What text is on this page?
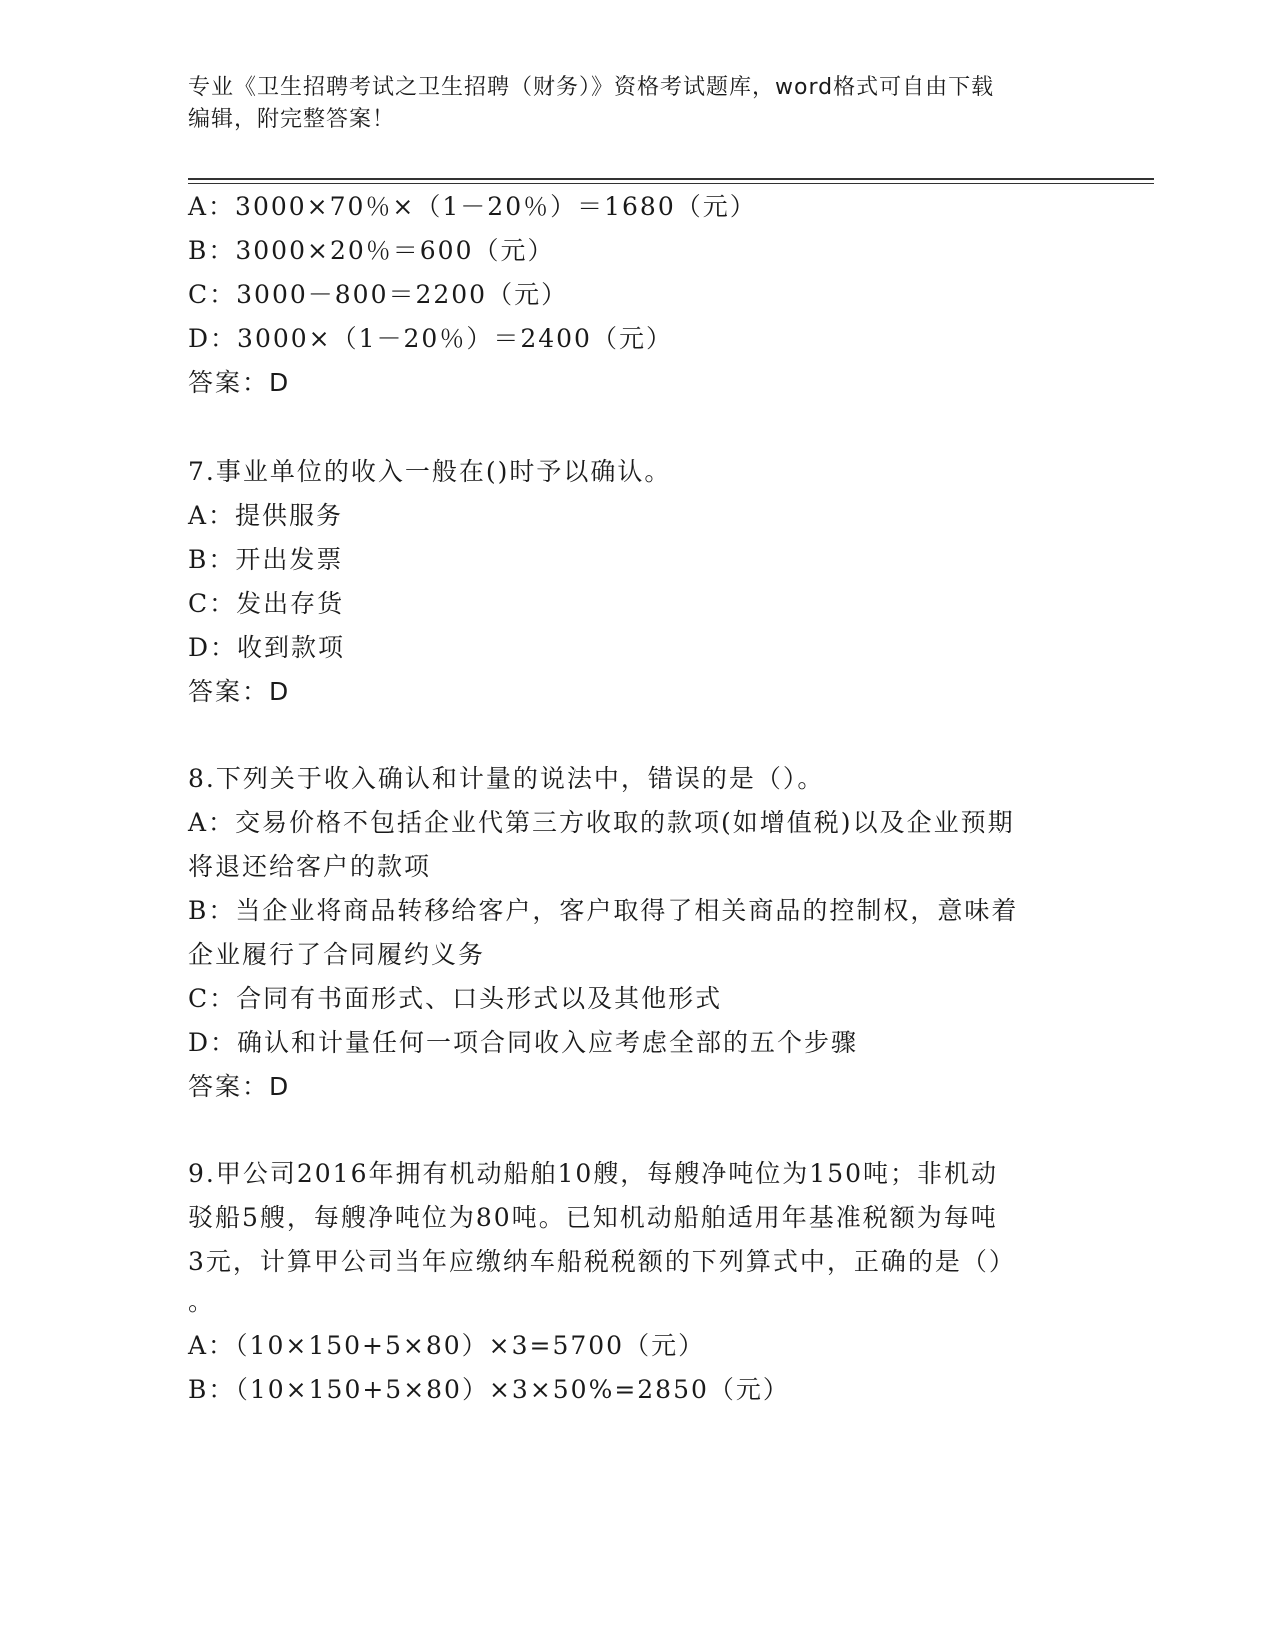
专业《卫生招聘考试之卫生招聘（财务）》资格考试题库，word格式可自由下载
编辑，附完整答案！
A：3000×70％×（1－20％）＝1680（元）
B：3000×20％＝600（元）
C：3000－800＝2200（元）
D：3000×（1－20％）＝2400（元）
答案：D
7.事业单位的收入一般在()时予以确认。
A：提供服务
B：开出发票
C：发出存货
D：收到款项
答案：D
8.下列关于收入确认和计量的说法中，错误的是（）。
A：交易价格不包括企业代第三方收取的款项(如增值税)以及企业预期
将退还给客户的款项
B：当企业将商品转移给客户，客户取得了相关商品的控制权，意味着
企业履行了合同履约义务
C：合同有书面形式、口头形式以及其他形式
D：确认和计量任何一项合同收入应考虑全部的五个步骤
答案：D
9.甲公司2016年拥有机动船舶10艘，每艘净吨位为150吨；非机动
驳船5艘，每艘净吨位为80吨。已知机动船舶适用年基准税额为每吨
3元，计算甲公司当年应缴纳车船税税额的下列算式中，正确的是（）
。
A：（10×150+5×80）×3=5700（元）
B：（10×150+5×80）×3×50%=2850（元）
